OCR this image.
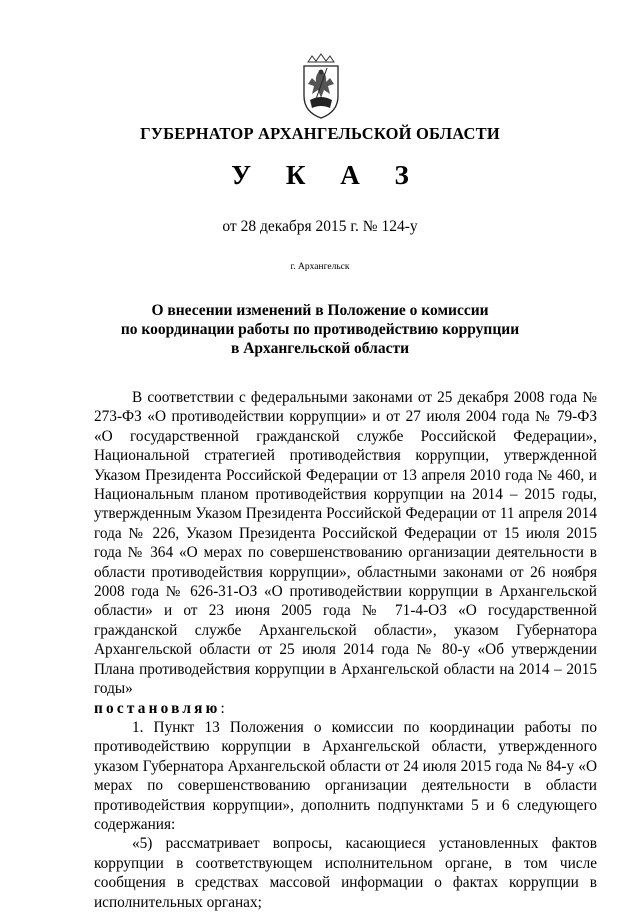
ГУБЕРНАТОР АРХАНГЕЛЬСКОЙ ОБЛАСТИ
У К А З
от 28 декабря 2015 г. № 124-у
г. Архангельск
О внесении изменений в Положение о комиссии
по координации работы по противодействию коррупции
в Архангельской области

В соответствии с федеральными законами от 25 декабря 2008 года № 273-ФЗ «О противодействии коррупции» и от 27 июля 2004 года № 79-ФЗ «О государственной гражданской службе Российской Федерации», Национальной стратегией противодействия коррупции, утвержденной Указом Президента Российской Федерации от 13 апреля 2010 года № 460, и Национальным планом противодействия коррупции на 2014 – 2015 годы, утвержденным Указом Президента Российской Федерации от 11 апреля 2014 года № 226, Указом Президента Российской Федерации от 15 июля 2015 года № 364 «О мерах по совершенствованию организации деятельности в области противодействия коррупции», областными законами от 26 ноября 2008 года № 626-31-ОЗ «О противодействии коррупции в Архангельской области» и от 23 июня 2005 года № 71-4-ОЗ «О государственной гражданской службе Архангельской области», указом Губернатора Архангельской области от 25 июля 2014 года № 80-у «Об утверждении Плана противодействия коррупции в Архангельской области на 2014 – 2015 годы»

постановляю:

1. Пункт 13 Положения о комиссии по координации работы по противодействию коррупции в Архангельской области, утвержденного указом Губернатора Архангельской области от 24 июля 2015 года № 84-у «О мерах по совершенствованию организации деятельности в области противодействия коррупции», дополнить подпунктами 5 и 6 следующего содержания:

«5) рассматривает вопросы, касающиеся установленных фактов коррупции в соответствующем исполнительном органе, в том числе сообщения в средствах массовой информации о фактах коррупции в исполнительных органах;
